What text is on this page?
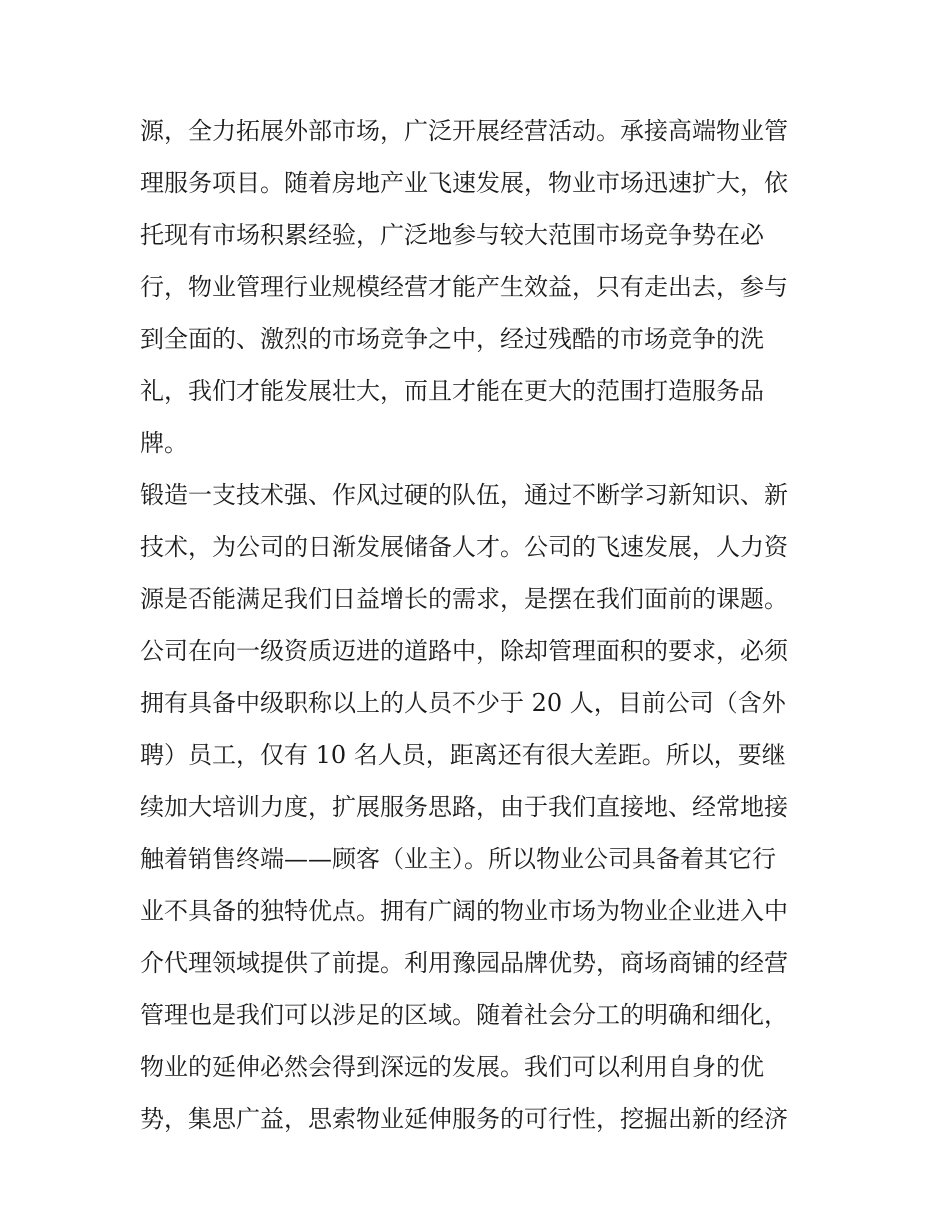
源，全力拓展外部市场，广泛开展经营活动。承接高端物业管
理服务项目。随着房地产业飞速发展，物业市场迅速扩大，依
托现有市场积累经验，广泛地参与较大范围市场竞争势在必
行，物业管理行业规模经营才能产生效益，只有走出去，参与
到全面的、激烈的市场竞争之中，经过残酷的市场竞争的洗
礼，我们才能发展壮大，而且才能在更大的范围打造服务品
牌。
锻造一支技术强、作风过硬的队伍，通过不断学习新知识、新
技术，为公司的日渐发展储备人才。公司的飞速发展，人力资
源是否能满足我们日益增长的需求，是摆在我们面前的课题。
公司在向一级资质迈进的道路中，除却管理面积的要求，必须
拥有具备中级职称以上的人员不少于 20 人，目前公司（含外
聘）员工，仅有 10 名人员，距离还有很大差距。所以，要继
续加大培训力度，扩展服务思路，由于我们直接地、经常地接
触着销售终端——顾客（业主）。所以物业公司具备着其它行
业不具备的独特优点。拥有广阔的物业市场为物业企业进入中
介代理领域提供了前提。利用豫园品牌优势，商场商铺的经营
管理也是我们可以涉足的区域。随着社会分工的明确和细化，
物业的延伸必然会得到深远的发展。我们可以利用自身的优
势，集思广益，思索物业延伸服务的可行性，挖掘出新的经济
